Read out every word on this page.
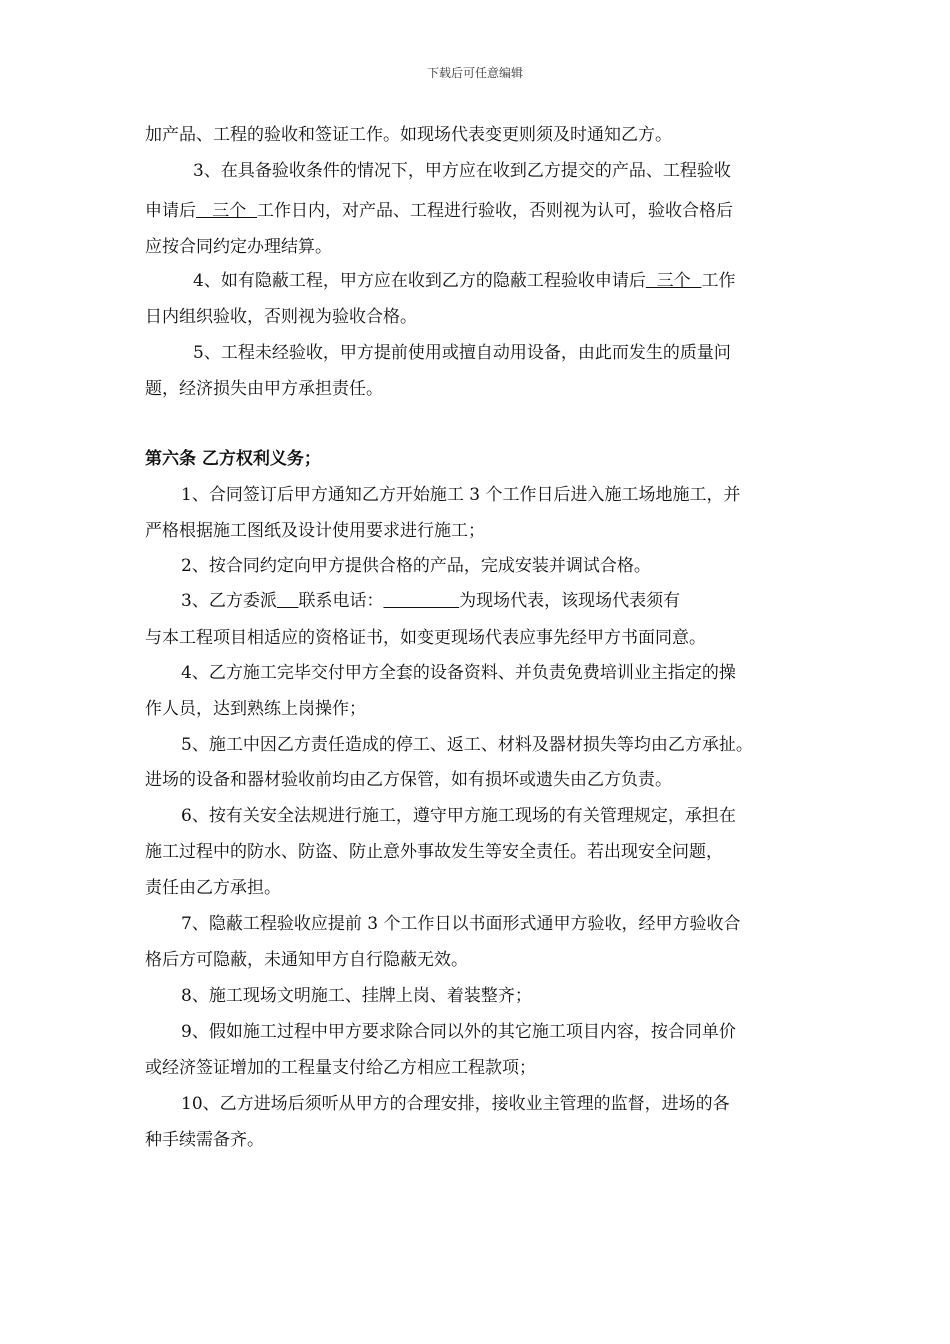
下载后可任意编辑
加产品、工程的验收和签证工作。如现场代表变更则须及时通知乙方。
3、在具备验收条件的情况下，甲方应在收到乙方提交的产品、工程验收
申请后   三个  工作日内，对产品、工程进行验收，否则视为认可，验收合格后
应按合同约定办理结算。
4、如有隐蔽工程，甲方应在收到乙方的隐蔽工程验收申请后  三个  工作
日内组织验收，否则视为验收合格。
5、工程未经验收，甲方提前使用或擅自动用设备，由此而发生的质量问
题，经济损失由甲方承担责任。
第六条 乙方权利义务；
1、合同签订后甲方通知乙方开始施工 3 个工作日后进入施工场地施工，并
严格根据施工图纸及设计使用要求进行施工；
2、按合同约定向甲方提供合格的产品，完成安装并调试合格。
3、乙方委派 联系电话：	为现场代表，该现场代表须有
与本工程项目相适应的资格证书，如变更现场代表应事先经甲方书面同意。
4、乙方施工完毕交付甲方全套的设备资料、并负责免费培训业主指定的操
作人员，达到熟练上岗操作；
5、施工中因乙方责任造成的停工、返工、材料及器材损失等均由乙方承扯。
进场的设备和器材验收前均由乙方保管，如有损坏或遗失由乙方负责。
6、按有关安全法规进行施工，遵守甲方施工现场的有关管理规定，承担在
施工过程中的防水、防盗、防止意外事故发生等安全责任。若出现安全问题，
责任由乙方承担。
7、隐蔽工程验收应提前 3 个工作日以书面形式通甲方验收，经甲方验收合
格后方可隐蔽，未通知甲方自行隐蔽无效。
8、施工现场文明施工、挂牌上岗、着装整齐；
9、假如施工过程中甲方要求除合同以外的其它施工项目内容，按合同单价
或经济签证增加的工程量支付给乙方相应工程款项；
10、乙方进场后须听从甲方的合理安排，接收业主管理的监督，进场的各
种手续需备齐。
